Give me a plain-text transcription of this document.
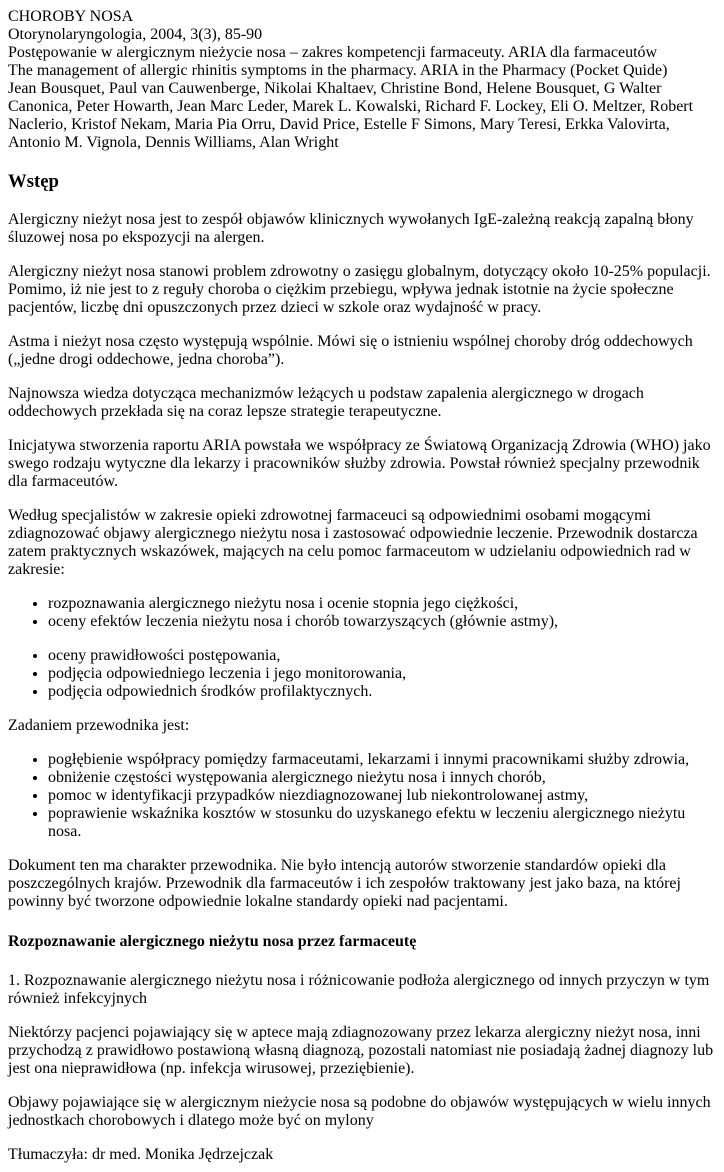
CHOROBY NOSA
Otorynolaryngologia, 2004, 3(3), 85-90
Postępowanie w alergicznym nieżycie nosa – zakres kompetencji farmaceuty. ARIA dla farmaceutów
The management of allergic rhinitis symptoms in the pharmacy. ARIA in the Pharmacy (Pocket Quide)
Jean Bousquet, Paul van Cauwenberge, Nikolai Khaltaev, Christine Bond, Helene Bousquet, G Walter Canonica, Peter Howarth, Jean Marc Leder, Marek L. Kowalski, Richard F. Lockey, Eli O. Meltzer, Robert Naclerio, Kristof Nekam, Maria Pia Orru, David Price, Estelle F Simons, Mary Teresi, Erkka Valovirta, Antonio M. Vignola, Dennis Williams, Alan Wright
Wstęp

Alergiczny nieżyt nosa jest to zespół objawów klinicznych wywołanych IgE-zależną reakcją zapalną błony śluzowej nosa po ekspozycji na alergen.

Alergiczny nieżyt nosa stanowi problem zdrowotny o zasięgu globalnym, dotyczący około 10-25% populacji. Pomimo, iż nie jest to z reguły choroba o ciężkim przebiegu, wpływa jednak istotnie na życie społeczne pacjentów, liczbę dni opuszczonych przez dzieci w szkole oraz wydajność w pracy.

Astma i nieżyt nosa często występują wspólnie. Mówi się o istnieniu wspólnej choroby dróg oddechowych („jedne drogi oddechowe, jedna choroba”).

Najnowsza wiedza dotycząca mechanizmów leżących u podstaw zapalenia alergicznego w drogach oddechowych przekłada się na coraz lepsze strategie terapeutyczne.

Inicjatywa stworzenia raportu ARIA powstała we współpracy ze Światową Organizacją Zdrowia (WHO) jako swego rodzaju wytyczne dla lekarzy i pracowników służby zdrowia. Powstał również specjalny przewodnik dla farmaceutów.

Według specjalistów w zakresie opieki zdrowotnej farmaceuci są odpowiednimi osobami mogącymi zdiagnozować objawy alergicznego nieżytu nosa i zastosować odpowiednie leczenie. Przewodnik dostarcza zatem praktycznych wskazówek, mających na celu pomoc farmaceutom w udzielaniu odpowiednich rad w zakresie:

• rozpoznawania alergicznego nieżytu nosa i ocenie stopnia jego ciężkości,
• oceny efektów leczenia nieżytu nosa i chorób towarzyszących (głównie astmy),
• oceny prawidłowości postępowania,
• podjęcia odpowiedniego leczenia i jego monitorowania,
• podjęcia odpowiednich środków profilaktycznych.

Zadaniem przewodnika jest:

• pogłębienie współpracy pomiędzy farmaceutami, lekarzami i innymi pracownikami służby zdrowia,
• obniżenie częstości występowania alergicznego nieżytu nosa i innych chorób,
• pomoc w identyfikacji przypadków niezdiagnozowanej lub niekontrolowanej astmy,
• poprawienie wskaźnika kosztów w stosunku do uzyskanego efektu w leczeniu alergicznego nieżytu nosa.

Dokument ten ma charakter przewodnika. Nie było intencją autorów stworzenie standardów opieki dla poszczególnych krajów. Przewodnik dla farmaceutów i ich zespołów traktowany jest jako baza, na której powinny być tworzone odpowiednie lokalne standardy opieki nad pacjentami.

Rozpoznawanie alergicznego nieżytu nosa przez farmaceutę

1. Rozpoznawanie alergicznego nieżytu nosa i różnicowanie podłoża alergicznego od innych przyczyn w tym również infekcyjnych

Niektórzy pacjenci pojawiający się w aptece mają zdiagnozowany przez lekarza alergiczny nieżyt nosa, inni przychodzą z prawidłowo postawioną własną diagnozą, pozostali natomiast nie posiadają żadnej diagnozy lub jest ona nieprawidłowa (np. infekcja wirusowej, przeziębienie).

Objawy pojawiające się w alergicznym nieżycie nosa są podobne do objawów występujących w wielu innych jednostkach chorobowych i dlatego może być on mylony

Tłumaczyła: dr med. Monika Jędrzejczak
